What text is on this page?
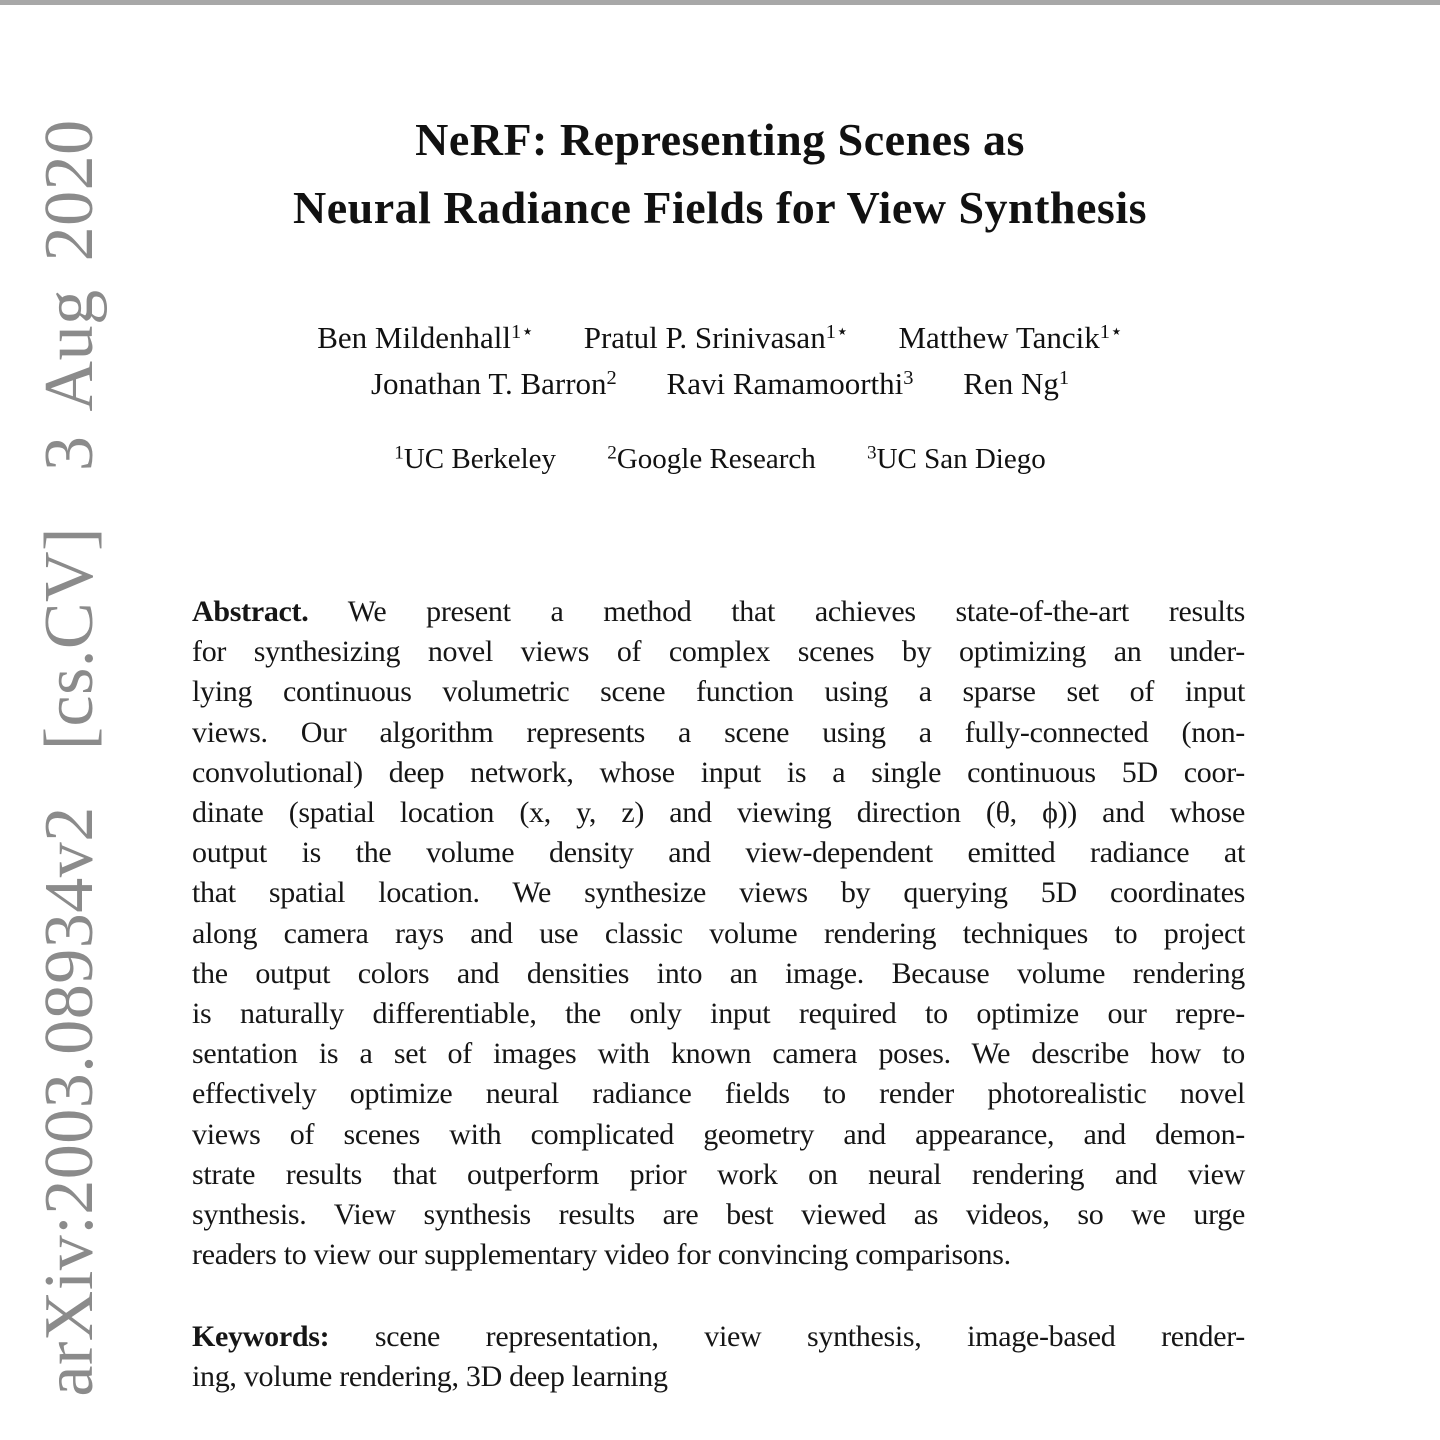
arXiv:2003.08934v2  [cs.CV]  3 Aug 2020	NeRF: Representing Scenes as
Neural Radiance Fields for View Synthesis
Ben Mildenhall$^{1⋆}$ Pratul P. Srinivasan$^{1⋆}$ Matthew Tancik$^{1⋆}$
Jonathan T. Barron$^2$ Ravi Ramamoorthi$^3$ Ren Ng$^1$
$^1$UC Berkeley	$^2$Google Research	$^3$UC San Diego
Abstract. We present a method that achieves state-of-the-art results
for synthesizing novel views of complex scenes by optimizing an under-
lying continuous volumetric scene function using a sparse set of input
views. Our algorithm represents a scene using a fully-connected (non-
convolutional) deep network, whose input is a single continuous 5D coor-
dinate (spatial location (x, y, z) and viewing direction (θ, ϕ)) and whose
output is the volume density and view-dependent emitted radiance at
that spatial location. We synthesize views by querying 5D coordinates
along camera rays and use classic volume rendering techniques to project
the output colors and densities into an image. Because volume rendering
is naturally differentiable, the only input required to optimize our repre-
sentation is a set of images with known camera poses. We describe how to
effectively optimize neural radiance fields to render photorealistic novel
views of scenes with complicated geometry and appearance, and demon-
strate results that outperform prior work on neural rendering and view
synthesis. View synthesis results are best viewed as videos, so we urge
readers to view our supplementary video for convincing comparisons.
Keywords: scene representation, view synthesis, image-based render-
ing, volume rendering, 3D deep learning
